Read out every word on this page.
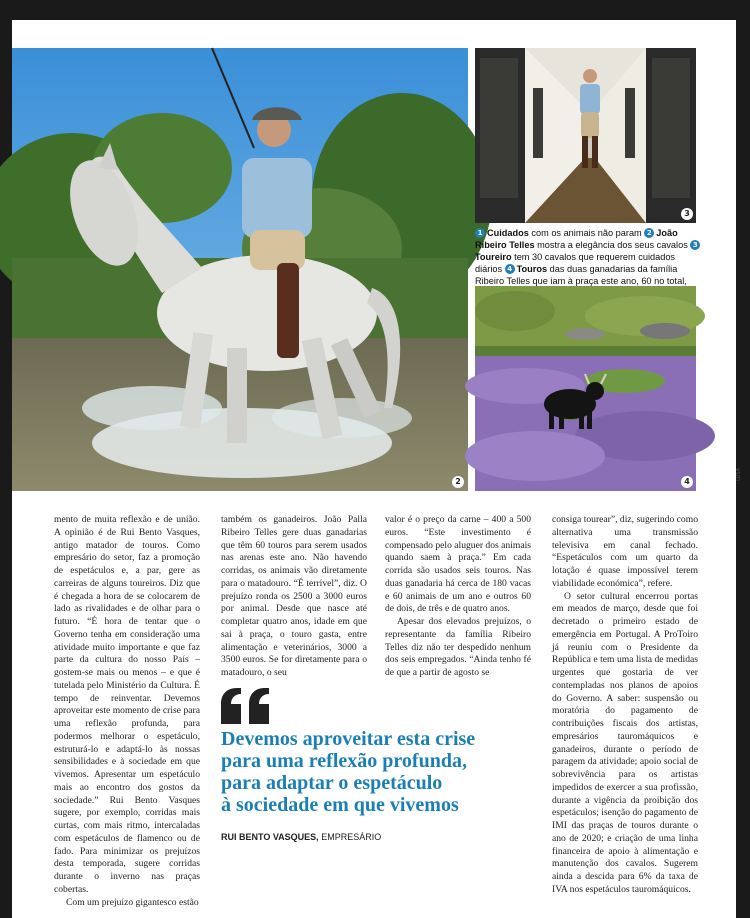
2
3
1 Cuidados com os animais não param 2 João Ribeiro Telles mostra a elegância dos seus cavalos 3Toureiro tem 30 cavalos que requerem cuidados diários 4 Touros das duas ganadarias da família Ribeiro Telles que iam à praça este ano, 60 no total,
4
LUSA

mento de muita reflexão e de união. A opinião é de Rui Bento Vasques, antigo matador de touros. Como empresário do setor, faz a promoção de espetáculos e, a par, gere as carreiras de alguns toureiros. Diz que é chegada a hora de se colocarem de lado as rivalidades e de olhar para o futuro. “É hora de tentar que o Governo tenha em consideração uma atividade muito importante e que faz parte da cultura do nosso País – gostem-se mais ou menos – e que é tutelada pelo Ministério da Cultura. É tempo de reinventar. Devemos aproveitar este momento de crise para uma reflexão profunda, para podermos melhorar o espetáculo, estruturá-lo e adaptá-lo às nossas sensibilidades e à sociedade em que vivemos. Apresentar um espetáculo mais ao encontro dos gostos da sociedade.” Rui Bento Vasques sugere, por exemplo, corridas mais curtas, com mais ritmo, intercaladas com espetáculos de flamenco ou de fado. Para minimizar os prejuízos desta temporada, sugere corridas durante o inverno nas praças cobertas.

Com um prejuízo gigantesco estão

também os ganadeiros. João Palla Ribeiro Telles gere duas ganadarias que têm 60 touros para serem usados nas arenas este ano. Não havendo corridas, os animais vão diretamente para o matadouro. “É terrível”, diz. O prejuízo ronda os 2500 a 3000 euros por animal. Desde que nasce até completar quatro anos, idade em que sai à praça, o touro gasta, entre alimentação e veterinários, 3000 a 3500 euros. Se for diretamente para o matadouro, o seu

valor é o preço da carne – 400 a 500 euros. “Este investimento é compensado pelo aluguer dos animais quando saem à praça.” Em cada corrida são usados seis touros. Nas duas ganadaria há cerca de 180 vacas e 60 animais de um ano e outros 60 de dois, de três e de quatro anos.

Apesar dos elevados prejuízos, o representante da família Ribeiro Telles diz não ter despedido nenhum dos seis empregados. “Ainda tenho fé de que a partir de agosto se

consiga tourear”, diz, sugerindo como alternativa uma transmissão televisiva em canal fechado. “Espetáculos com um quarto da lotação é quase impossível terem viabilidade económica”, refere.

O setor cultural encerrou portas em meados de março, desde que foi decretado o primeiro estado de emergência em Portugal. A ProToiro já reuniu com o Presidente da República e tem uma lista de medidas urgentes que gostaria de ver contempladas nos planos de apoios do Governo. A saber: suspensão ou moratória do pagamento de contribuições fiscais dos artistas, empresários tauromáquicos e ganadeiros, durante o período de paragem da atividade; apoio social de sobrevivência para os artistas impedidos de exercer a sua profissão, durante a vigência da proibição dos espetáculos; isenção do pagamento de IMI das praças de touros durante o ano de 2020; e criação de uma linha financeira de apoio à alimentação e manutenção dos cavalos. Sugerem ainda a descida para 6% da taxa de IVA nos espetáculos tauromáquicos.

Devemos aproveitar esta crise
para uma reflexão profunda,
para adaptar o espetáculo
à sociedade em que vivemos
RUI BENTO VASQUES, EMPRESÁRIO
